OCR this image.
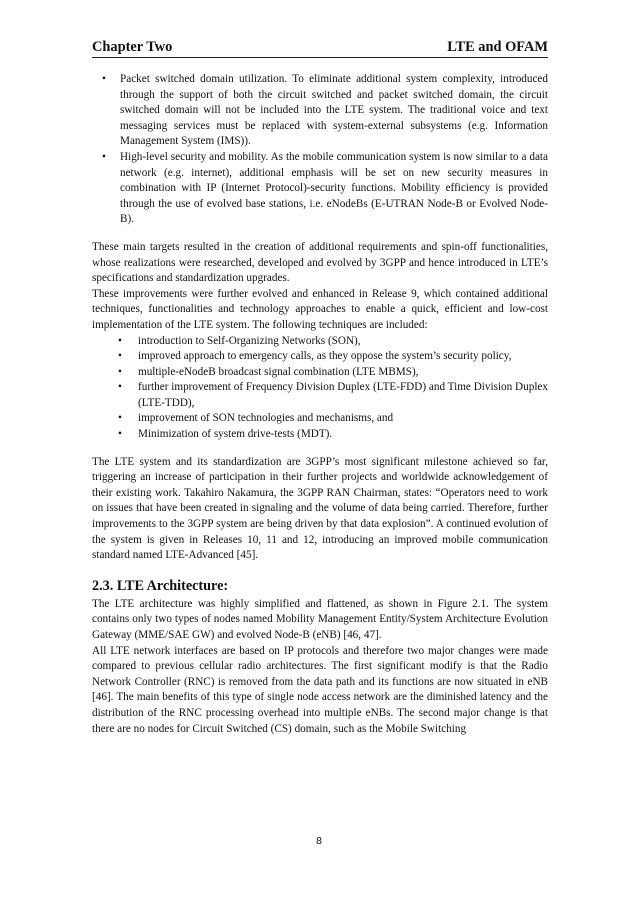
Chapter Two	LTE and OFAM
• Packet switched domain utilization. To eliminate additional system complexity, introduced through the support of both the circuit switched and packet switched domain, the circuit switched domain will not be included into the LTE system. The traditional voice and text messaging services must be replaced with system-external subsystems (e.g. Information Management System (IMS)).
• High-level security and mobility. As the mobile communication system is now similar to a data network (e.g. internet), additional emphasis will be set on new security measures in combination with IP (Internet Protocol)-security functions. Mobility efficiency is provided through the use of evolved base stations, i.e. eNodeBs (E-UTRAN Node-B or Evolved Node-B).

These main targets resulted in the creation of additional requirements and spin-off functionalities, whose realizations were researched, developed and evolved by 3GPP and hence introduced in LTE’s specifications and standardization upgrades.

These improvements were further evolved and enhanced in Release 9, which contained additional techniques, functionalities and technology approaches to enable a quick, efficient and low-cost implementation of the LTE system. The following techniques are included:

• introduction to Self-Organizing Networks (SON),
• improved approach to emergency calls, as they oppose the system’s security policy,
• multiple-eNodeB broadcast signal combination (LTE MBMS),
• further improvement of Frequency Division Duplex (LTE-FDD) and Time Division Duplex (LTE-TDD),
• improvement of SON technologies and mechanisms, and
• Minimization of system drive-tests (MDT).

The LTE system and its standardization are 3GPP’s most significant milestone achieved so far, triggering an increase of participation in their further projects and worldwide acknowledgement of their existing work. Takahiro Nakamura, the 3GPP RAN Chairman, states: “Operators need to work on issues that have been created in signaling and the volume of data being carried. Therefore, further improvements to the 3GPP system are being driven by that data explosion”. A continued evolution of the system is given in Releases 10, 11 and 12, introducing an improved mobile communication standard named LTE-Advanced [45].

2.3. LTE Architecture:

The LTE architecture was highly simplified and flattened, as shown in Figure 2.1. The system contains only two types of nodes named Mobility Management Entity/System Architecture Evolution Gateway (MME/SAE GW) and evolved Node-B (eNB) [46, 47].

All LTE network interfaces are based on IP protocols and therefore two major changes were made compared to previous cellular radio architectures. The first significant modify is that the Radio Network Controller (RNC) is removed from the data path and its functions are now situated in eNB [46]. The main benefits of this type of single node access network are the diminished latency and the distribution of the RNC processing overhead into multiple eNBs. The second major change is that there are no nodes for Circuit Switched (CS) domain, such as the Mobile Switching

8
